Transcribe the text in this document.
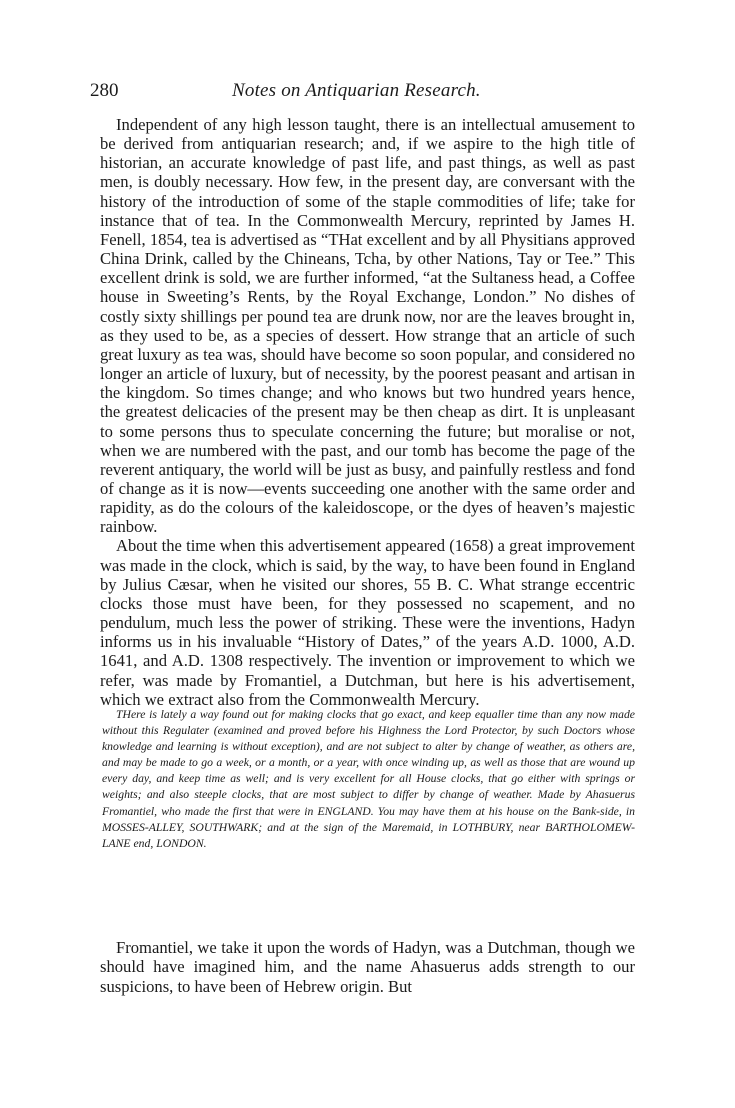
280	Notes on Antiquarian Research.

Independent of any high lesson taught, there is an intellectual amusement to be derived from antiquarian research; and, if we aspire to the high title of historian, an accurate knowledge of past life, and past things, as well as past men, is doubly necessary. How few, in the present day, are conversant with the history of the introduction of some of the staple commodities of life; take for instance that of tea. In the Commonwealth Mercury, reprinted by James H. Fenell, 1854, tea is advertised as “THat excellent and by all Physitians approved China Drink, called by the Chineans, Tcha, by other Nations, Tay or Tee.” This excellent drink is sold, we are further informed, “at the Sultaness head, a Coffee house in Sweeting’s Rents, by the Royal Exchange, London.” No dishes of costly sixty shillings per pound tea are drunk now, nor are the leaves brought in, as they used to be, as a species of dessert. How strange that an article of such great luxury as tea was, should have become so soon popular, and considered no longer an article of luxury, but of necessity, by the poorest peasant and artisan in the kingdom. So times change; and who knows but two hundred years hence, the greatest delicacies of the present may be then cheap as dirt. It is unpleasant to some persons thus to speculate concerning the future; but moralise or not, when we are numbered with the past, and our tomb has become the page of the reverent antiquary, the world will be just as busy, and painfully restless and fond of change as it is now—events succeeding one another with the same order and rapidity, as do the colours of the kaleidoscope, or the dyes of heaven’s majestic rainbow.

About the time when this advertisement appeared (1658) a great improvement was made in the clock, which is said, by the way, to have been found in England by Julius Cæsar, when he visited our shores, 55 B. C. What strange eccentric clocks those must have been, for they possessed no scapement, and no pendulum, much less the power of striking. These were the inventions, Hadyn informs us in his invaluable “History of Dates,” of the years A.D. 1000, A.D. 1641, and A.D. 1308 respectively. The invention or improvement to which we refer, was made by Fromantiel, a Dutchman, but here is his advertisement, which we extract also from the Commonwealth Mercury.

THere is lately a way found out for making clocks that go exact, and keep equaller time than any now made without this Regulater (examined and proved before his Highness the Lord Protector, by such Doctors whose knowledge and learning is without exception), and are not subject to alter by change of weather, as others are, and may be made to go a week, or a month, or a year, with once winding up, as well as those that are wound up every day, and keep time as well; and is very excellent for all House clocks, that go either with springs or weights; and also steeple clocks, that are most subject to differ by change of weather. Made by Ahasuerus Fromantiel, who made the first that were in ENGLAND. You may have them at his house on the Bank-side, in MOSSES-ALLEY, SOUTHWARK; and at the sign of the Maremaid, in LOTHBURY, near BARTHOLOMEW-LANE end, LONDON.
Fromantiel, we take it upon the words of Hadyn, was a Dutchman, though we should have imagined him, and the name Ahasuerus adds strength to our suspicions, to have been of Hebrew origin. But
